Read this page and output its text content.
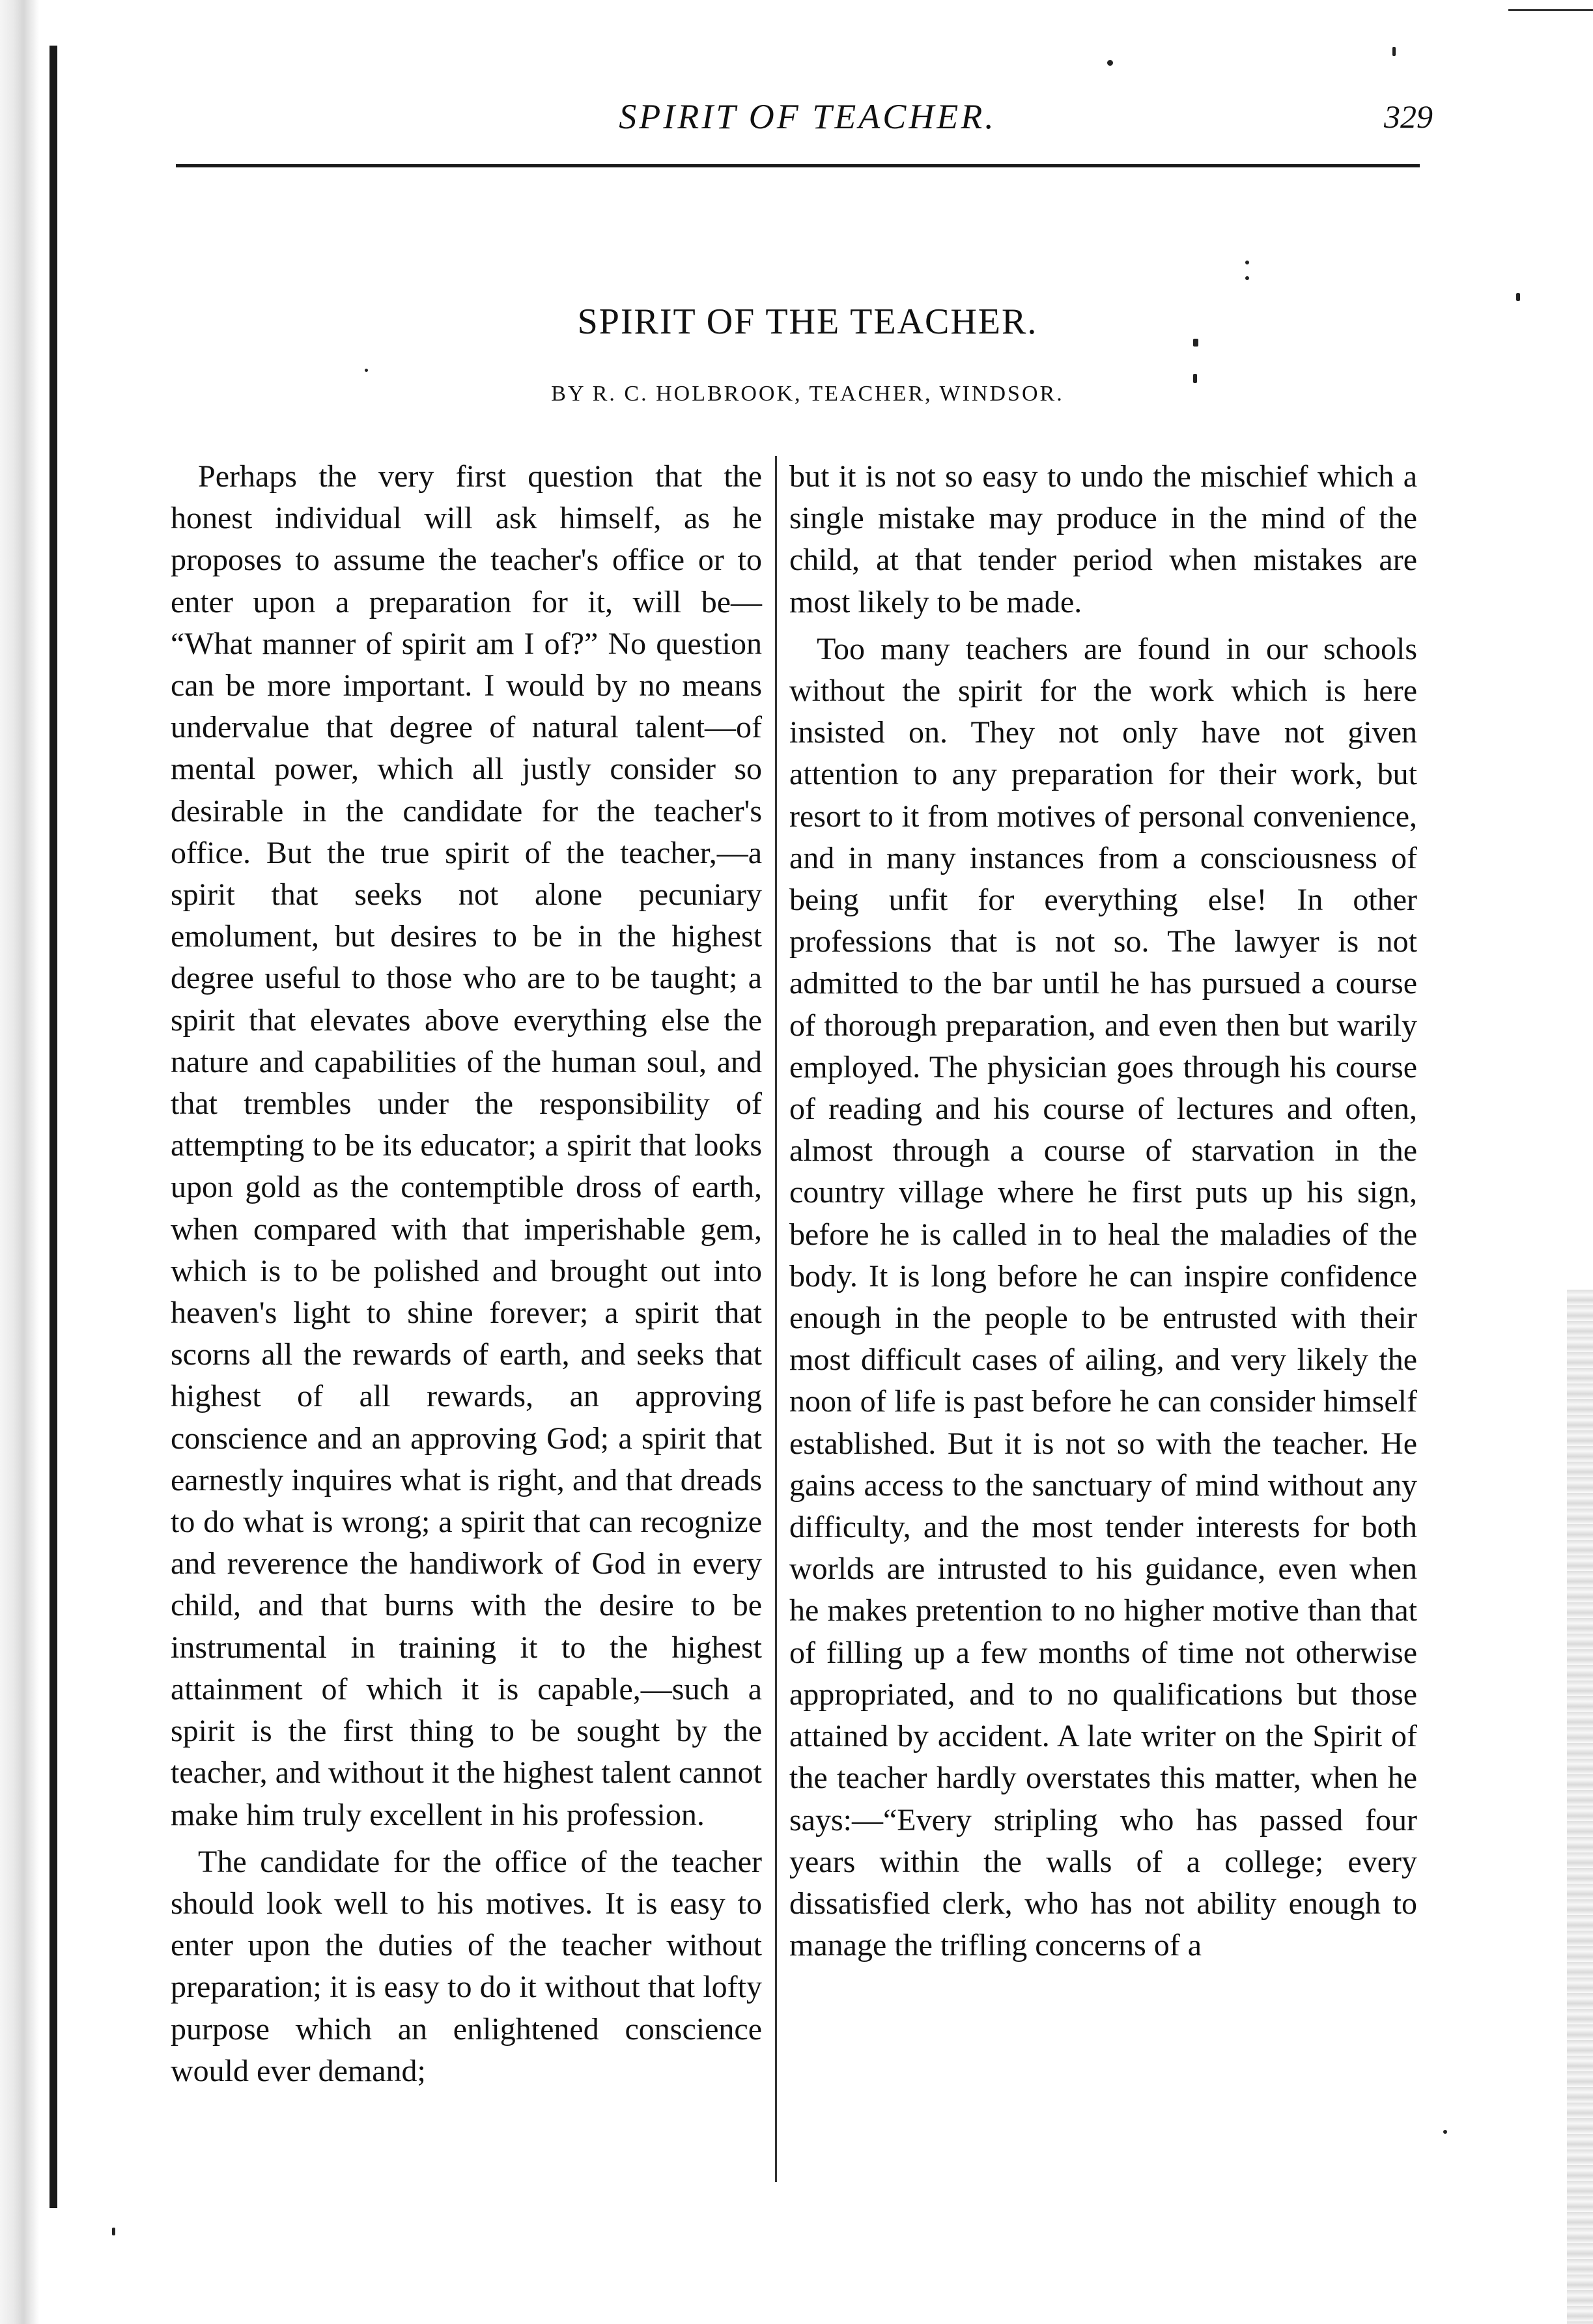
SPIRIT OF TEACHER.	329
SPIRIT OF THE TEACHER.
BY R. C. HOLBROOK, TEACHER, WINDSOR.

Perhaps the very first question that the honest individual will ask himself, as he proposes to assume the teacher's office or to enter upon a preparation for it, will be— “What manner of spirit am I of?” No question can be more important. I would by no means undervalue that degree of natural talent—of mental power, which all justly consider so desirable in the candidate for the teacher's office. But the true spirit of the teacher,—a spirit that seeks not alone pecuniary emolument, but desires to be in the highest degree useful to those who are to be taught; a spirit that elevates above everything else the nature and capabilities of the human soul, and that trembles under the responsibility of attempting to be its educator; a spirit that looks upon gold as the contemptible dross of earth, when compared with that imperishable gem, which is to be polished and brought out into heaven's light to shine forever; a spirit that scorns all the rewards of earth, and seeks that highest of all rewards, an approving conscience and an approving God; a spirit that earnestly inquires what is right, and that dreads to do what is wrong; a spirit that can recognize and reverence the handiwork of God in every child, and that burns with the desire to be instrumental in training it to the highest attainment of which it is capable,—such a spirit is the first thing to be sought by the teacher, and without it the highest talent cannot make him truly excellent in his profession.

The candidate for the office of the teacher should look well to his motives. It is easy to enter upon the duties of the teacher without preparation; it is easy to do it without that lofty purpose which an enlightened conscience would ever demand;

but it is not so easy to undo the mischief which a single mistake may produce in the mind of the child, at that tender period when mistakes are most likely to be made.

Too many teachers are found in our schools without the spirit for the work which is here insisted on. They not only have not given attention to any preparation for their work, but resort to it from motives of personal convenience, and in many instances from a consciousness of being unfit for everything else! In other professions that is not so. The lawyer is not admitted to the bar until he has pursued a course of thorough preparation, and even then but warily employed. The physician goes through his course of reading and his course of lectures and often, almost through a course of starvation in the country village where he first puts up his sign, before he is called in to heal the maladies of the body. It is long before he can inspire confidence enough in the people to be entrusted with their most difficult cases of ailing, and very likely the noon of life is past before he can consider himself established. But it is not so with the teacher. He gains access to the sanctuary of mind without any difficulty, and the most tender interests for both worlds are intrusted to his guidance, even when he makes pretention to no higher motive than that of filling up a few months of time not otherwise appropriated, and to no qualifications but those attained by accident. A late writer on the Spirit of the teacher hardly overstates this matter, when he says:—“Every stripling who has passed four years within the walls of a college; every dissatisfied clerk, who has not ability enough to manage the trifling concerns of a
